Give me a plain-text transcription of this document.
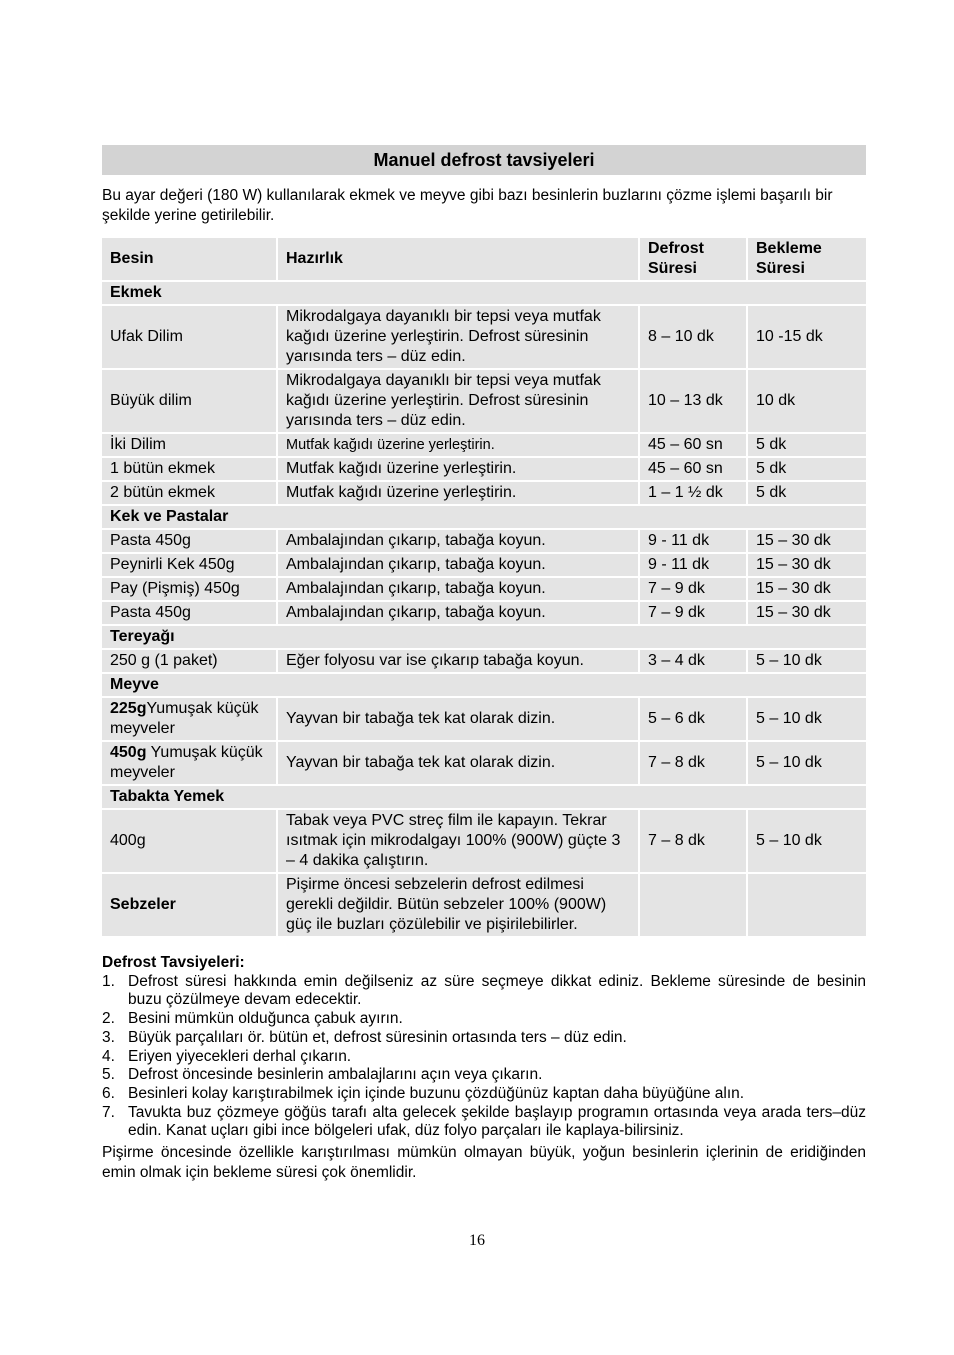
Manuel defrost tavsiyeleri
Bu ayar değeri (180 W) kullanılarak ekmek ve meyve gibi bazı besinlerin buzlarını çözme işlemi başarılı bir şekilde yerine getirilebilir.
Besin	Hazırlık	Defrost Süresi	Bekleme Süresi
Ekmek			
Ufak Dilim	Mikrodalgaya dayanıklı bir tepsi veya mutfak kağıdı üzerine yerleştirin. Defrost süresinin yarısında ters – düz edin.	8 – 10 dk	10 -15 dk
Büyük dilim	Mikrodalgaya dayanıklı bir tepsi veya mutfak kağıdı üzerine yerleştirin. Defrost süresinin yarısında ters – düz edin.	10 – 13 dk	10 dk
İki Dilim	Mutfak kağıdı üzerine yerleştirin.	45 – 60 sn	5 dk
1 bütün ekmek	Mutfak kağıdı üzerine yerleştirin.	45 – 60 sn	5 dk
2 bütün ekmek	Mutfak kağıdı üzerine yerleştirin.	1 – 1 ½ dk	5 dk
Kek ve Pastalar			
Pasta 450g	Ambalajından çıkarıp, tabağa koyun.	9 - 11 dk	15 – 30 dk
Peynirli Kek 450g	Ambalajından çıkarıp, tabağa koyun.	9 - 11 dk	15 – 30 dk
Pay (Pişmiş) 450g	Ambalajından çıkarıp, tabağa koyun.	7 – 9 dk	15 – 30 dk
Pasta 450g	Ambalajından çıkarıp, tabağa koyun.	7 – 9 dk	15 – 30 dk
Tereyağı			
250 g (1 paket)	Eğer folyosu var ise çıkarıp tabağa koyun.	3 – 4 dk	5 – 10 dk
Meyve			
225gYumuşak küçük meyveler	Yayvan bir tabağa tek kat olarak dizin.	5 – 6 dk	5 – 10 dk
450g Yumuşak küçük meyveler	Yayvan bir tabağa tek kat olarak dizin.	7 – 8 dk	5 – 10 dk
Tabakta Yemek			
400g	Tabak veya PVC streç film ile kapayın. Tekrar ısıtmak için mikrodalgayı 100% (900W) güçte 3 – 4 dakika çalıştırın.	7 – 8 dk	5 – 10 dk
Sebzeler	Pişirme öncesi sebzelerin defrost edilmesi gerekli değildir. Bütün sebzeler 100% (900W) güç ile buzları çözülebilir ve pişirilebilirler.		
Defrost Tavsiyeleri:
1. Defrost süresi hakkında emin değilseniz az süre seçmeye dikkat ediniz. Bekleme süresinde de besinin buzu çözülmeye devam edecektir.
2. Besini mümkün olduğunca çabuk ayırın.
3. Büyük parçalıları ör. bütün et, defrost süresinin ortasında ters – düz edin.
4. Eriyen yiyecekleri derhal çıkarın.
5. Defrost öncesinde besinlerin ambalajlarını açın veya çıkarın.
6. Besinleri kolay karıştırabilmek için içinde buzunu çözdüğünüz kaptan daha büyüğüne alın.
7. Tavukta buz çözmeye göğüs tarafı alta gelecek şekilde başlayıp programın ortasında veya arada ters–düz edin. Kanat uçları gibi ince bölgeleri ufak, düz folyo parçaları ile kaplaya-bilirsiniz.
Pişirme öncesinde özellikle karıştırılması mümkün olmayan büyük, yoğun besinlerin içlerinin de eridiğinden emin olmak için bekleme süresi çok önemlidir.
16
